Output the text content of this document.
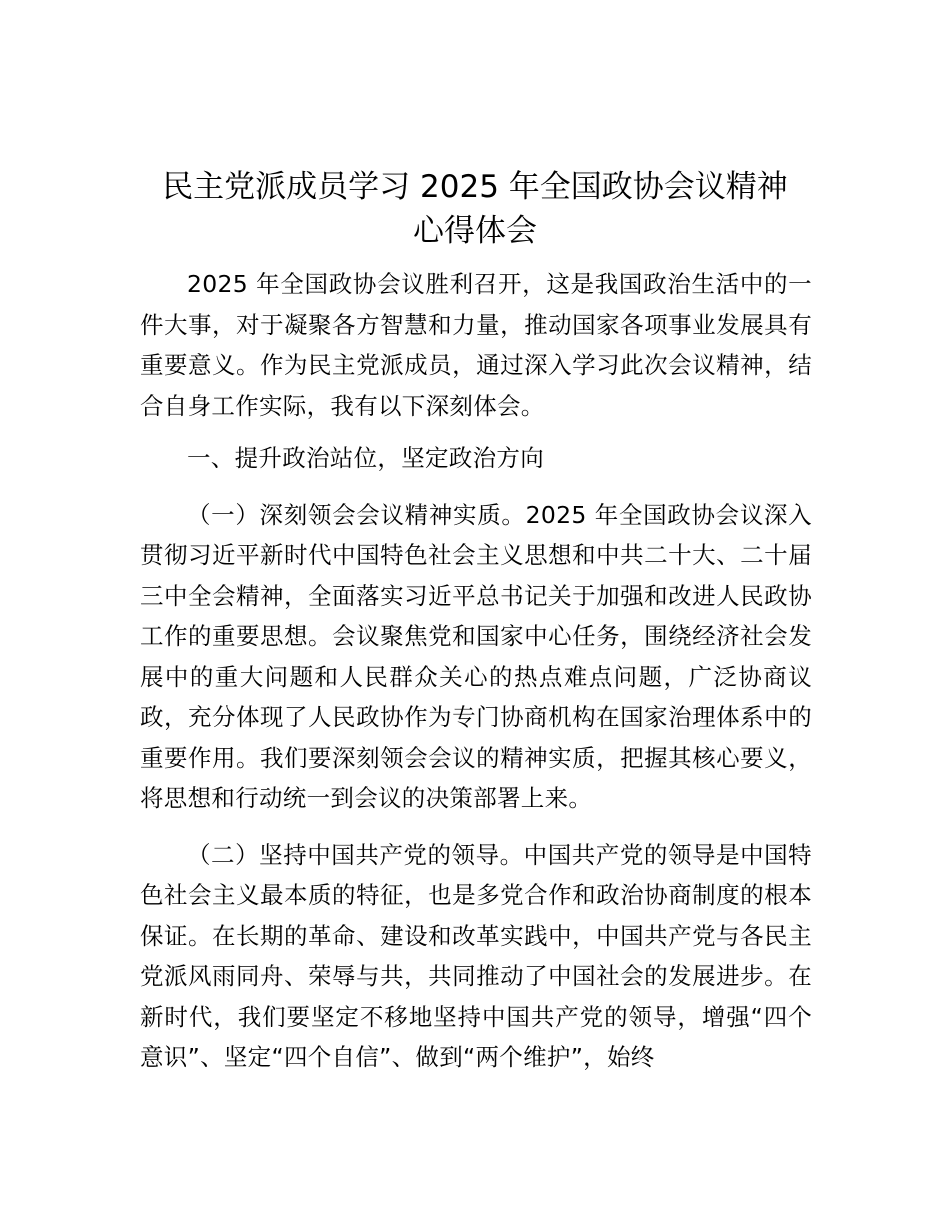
民主党派成员学习 2025 年全国政协会议精神
心得体会

2025 年全国政协会议胜利召开，这是我国政治生活中的一件大事，对于凝聚各方智慧和力量，推动国家各项事业发展具有重要意义。作为民主党派成员，通过深入学习此次会议精神，结合自身工作实际，我有以下深刻体会。

一、提升政治站位，坚定政治方向

（一）深刻领会会议精神实质。2025 年全国政协会议深入贯彻习近平新时代中国特色社会主义思想和中共二十大、二十届三中全会精神，全面落实习近平总书记关于加强和改进人民政协工作的重要思想。会议聚焦党和国家中心任务，围绕经济社会发展中的重大问题和人民群众关心的热点难点问题，广泛协商议政，充分体现了人民政协作为专门协商机构在国家治理体系中的重要作用。我们要深刻领会会议的精神实质，把握其核心要义，将思想和行动统一到会议的决策部署上来。

（二）坚持中国共产党的领导。中国共产党的领导是中国特色社会主义最本质的特征，也是多党合作和政治协商制度的根本保证。在长期的革命、建设和改革实践中，中国共产党与各民主党派风雨同舟、荣辱与共，共同推动了中国社会的发展进步。在新时代，我们要坚定不移地坚持中国共产党的领导，增强“四个意识”、坚定“四个自信”、做到“两个维护”，始终
